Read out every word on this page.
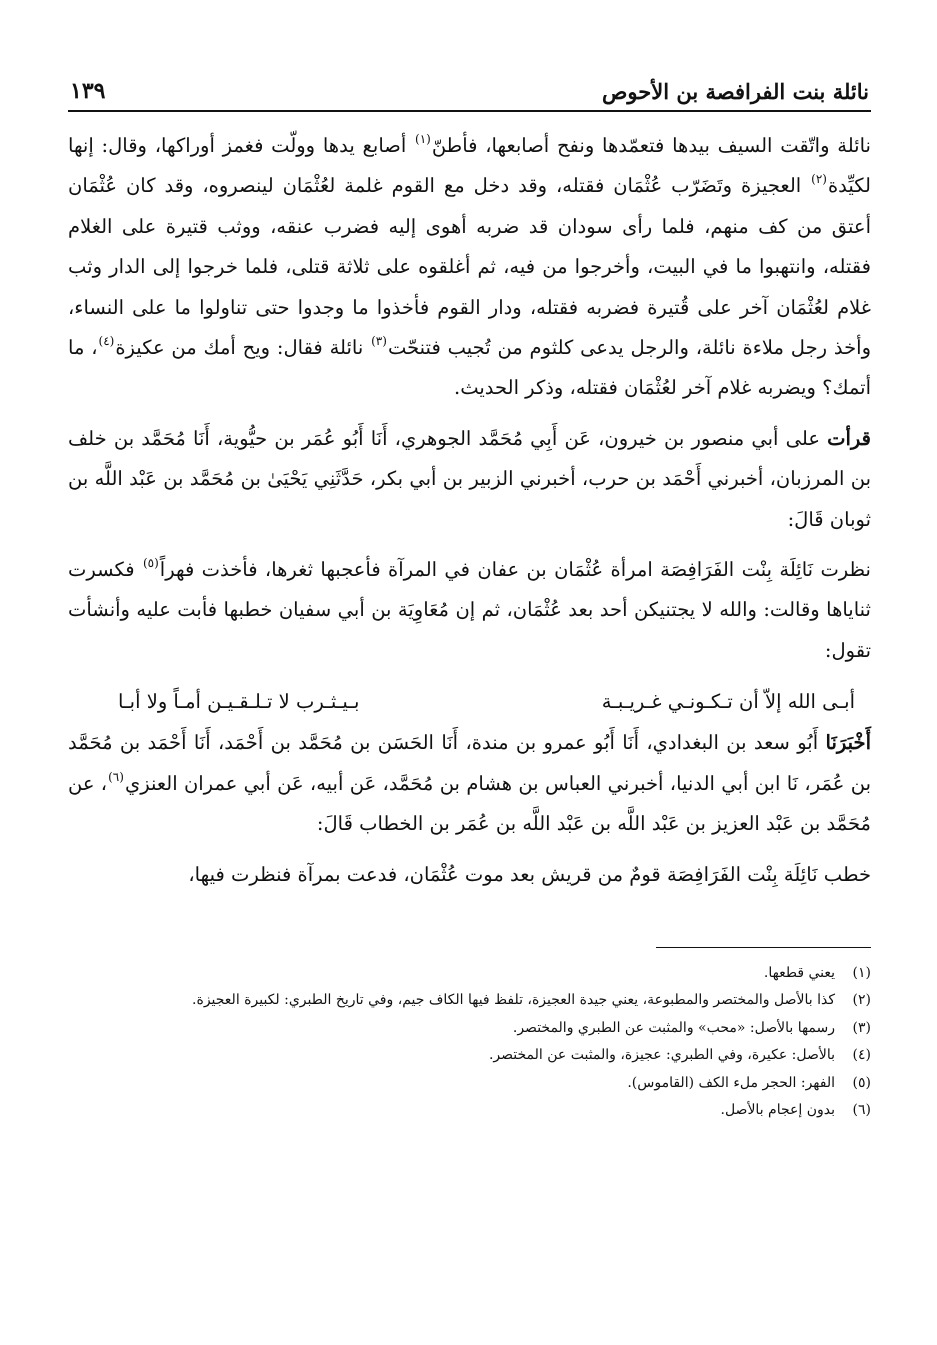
نائلة بنت الفرافصة بن الأحوص
١٣٩

نائلة واتّقت السيف بيدها فتعمّدها ونفح أصابعها، فأطنّ$^{(١)}$ أصابع يدها وولّت فغمز أوراكها، وقال: إنها لكيِّدة$^{(٢)}$ العجيزة وتَضَرّب عُثْمَان فقتله، وقد دخل مع القوم غلمة لعُثْمَان لينصروه، وقد كان عُثْمَان أعتق من كف منهم، فلما رأى سودان قد ضربه أهوى إليه فضرب عنقه، ووثب قتيرة على الغلام فقتله، وانتهبوا ما في البيت، وأخرجوا من فيه، ثم أغلقوه على ثلاثة قتلى، فلما خرجوا إلى الدار وثب غلام لعُثْمَان آخر على قُتيرة فضربه فقتله، ودار القوم فأخذوا ما وجدوا حتى تناولوا ما على النساء، وأخذ رجل ملاءة نائلة، والرجل يدعى كلثوم من تُجيب فتنحّت$^{(٣)}$ نائلة فقال: ويح أمك من عكيزة$^{(٤)}$، ما أتمك؟ ويضربه غلام آخر لعُثْمَان فقتله، وذكر الحديث.

قرأت على أبي منصور بن خيرون، عَن أَبِي مُحَمَّد الجوهري، أَنَا أَبُو عُمَر بن حيُّوية، أَنَا مُحَمَّد بن خلف بن المرزبان، أخبرني أَحْمَد بن حرب، أخبرني الزبير بن أبي بكر، حَدَّثَنِي يَحْيَىٰ بن مُحَمَّد بن عَبْد اللَّه بن ثوبان قَالَ:

نظرت نَائِلَة بِنْت الفَرَافِصَة امرأة عُثْمَان بن عفان في المرآة فأعجبها ثغرها، فأخذت فهراً$^{(٥)}$ فكسرت ثناياها وقالت: والله لا يجتنيكن أحد بعد عُثْمَان، ثم إن مُعَاوِيَة بن أبي سفيان خطبها فأبت عليه وأنشأت تقول:

أبـى الله إلاّ أن تـكـونـي غـريـبـة
بـيـثـرب لا تـلـقـيـن أمـاً ولا أبـا

أَخْبَرَنَا أَبُو سعد بن البغدادي، أَنَا أَبُو عمرو بن مندة، أَنَا الحَسَن بن مُحَمَّد بن أَحْمَد، أَنَا أَحْمَد بن مُحَمَّد بن عُمَر، نَا ابن أبي الدنيا، أخبرني العباس بن هشام بن مُحَمَّد، عَن أبيه، عَن أبي عمران العنزي$^{(٦)}$، عن مُحَمَّد بن عَبْد العزيز بن عَبْد اللَّه بن عَبْد اللَّه بن عُمَر بن الخطاب قَالَ:

خطب نَائِلَة بِنْت الفَرَافِصَة قومٌ من قريش بعد موت عُثْمَان، فدعت بمرآة فنظرت فيها،

(١)
يعني قطعها.
(٢)
كذا بالأصل والمختصر والمطبوعة، يعني جيدة العجيزة، تلفظ فيها الكاف جيم، وفي تاريخ الطبري: لكبيرة العجيزة.
(٣)
رسمها بالأصل: «محب» والمثبت عن الطبري والمختصر.
(٤)
بالأصل: عكيرة، وفي الطبري: عجيزة، والمثبت عن المختصر.
(٥)
الفهر: الحجر ملء الكف (القاموس).
(٦)
بدون إعجام بالأصل.
